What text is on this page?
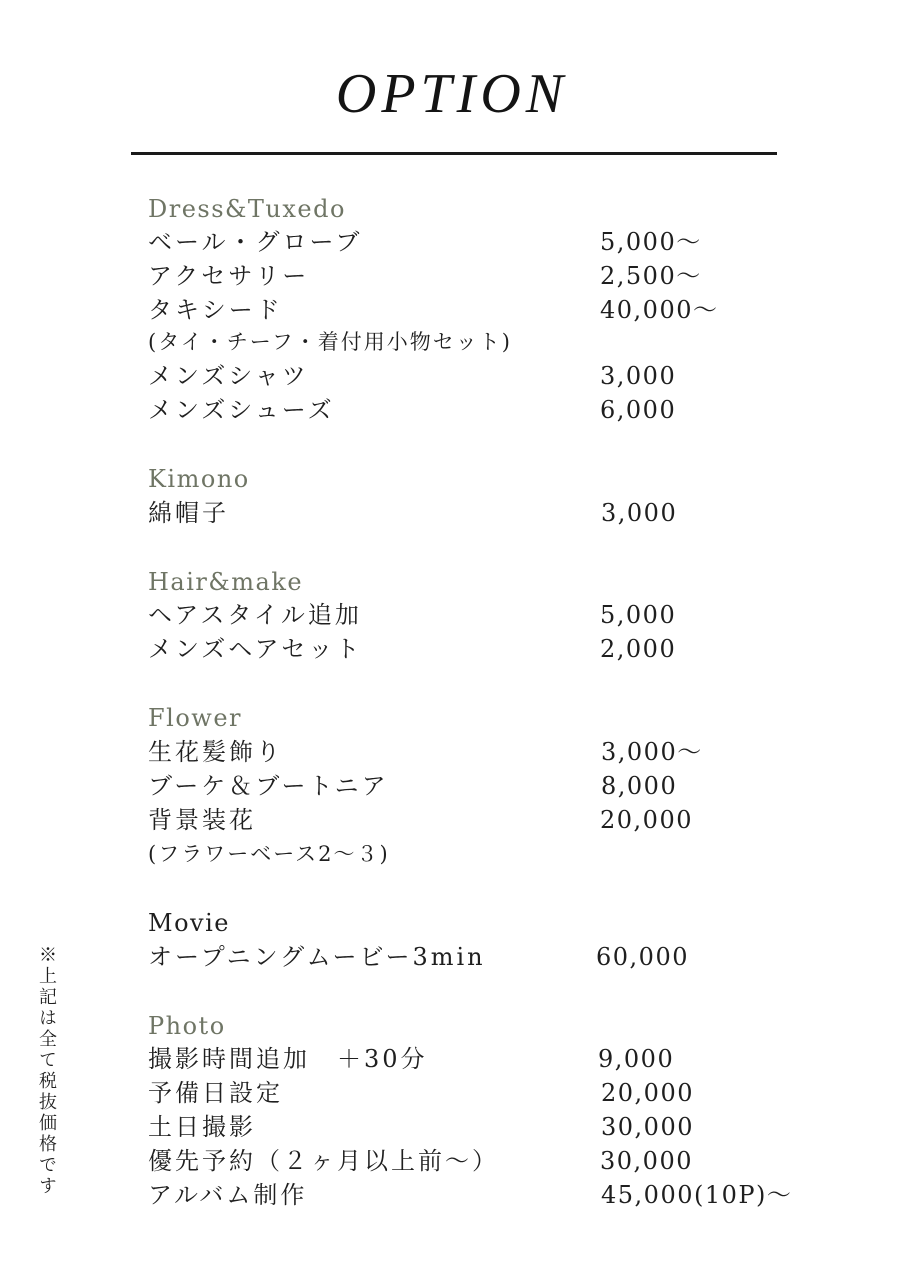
OPTION
Dress&Tuxedo
ベール・グローブ	5,000〜
アクセサリー	2,500〜
タキシード	40,000〜
(タイ・チーフ・着付用小物セット)
メンズシャツ	3,000
メンズシューズ	6,000
Kimono
綿帽子	3,000
Hair&make
ヘアスタイル追加	5,000
メンズヘアセット	2,000
Flower
生花髪飾り	3,000〜
ブーケ＆ブートニア	8,000
背景装花	20,000
(フラワーベース2〜３)
Movie
オープニングムービー3min	60,000
Photo
撮影時間追加　＋30分	9,000
予備日設定	20,000
土日撮影	30,000
優先予約（２ヶ月以上前〜）	30,000
アルバム制作	45,000(10P)〜
※上記は全て税抜価格です
